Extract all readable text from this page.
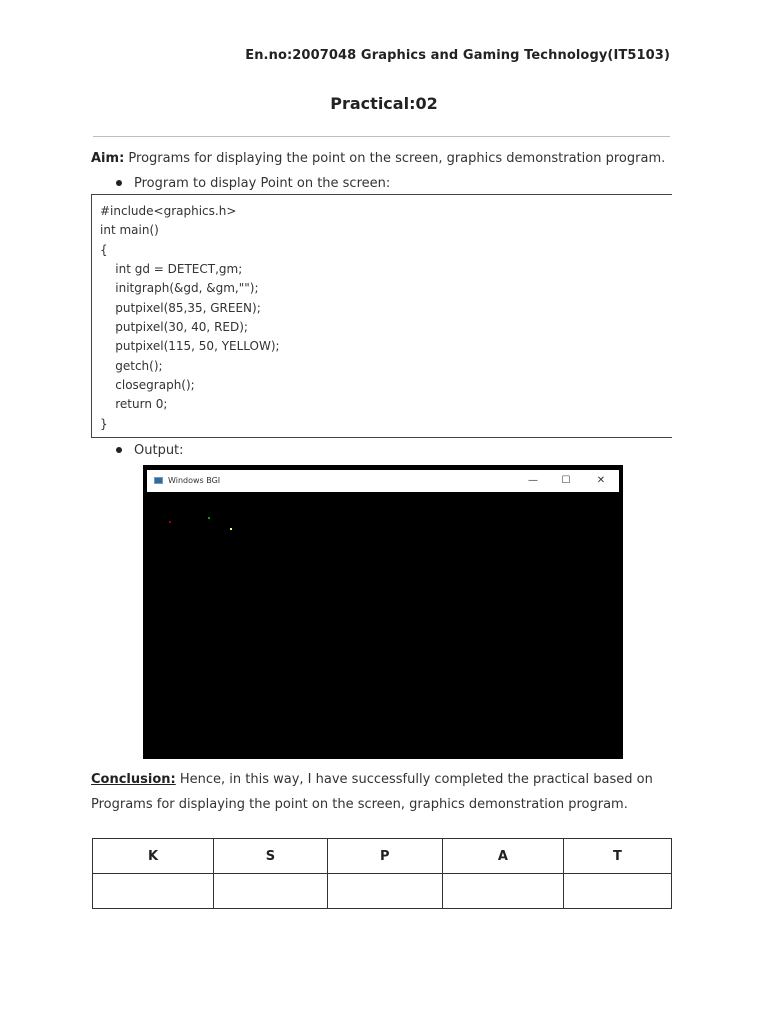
En.no:2007048 Graphics and Gaming Technology(IT5103)
Practical:02
Aim: Programs for displaying the point on the screen, graphics demonstration program.
Program to display Point on the screen:
#include<graphics.h>
int main()
{
int gd = DETECT,gm;
initgraph(&gd, &gm,"");
putpixel(85,35, GREEN);
putpixel(30, 40, RED);
putpixel(115, 50, YELLOW);
getch();
closegraph();
return 0;
}
Output:
Windows BGI	—	☐	✕
Conclusion: Hence, in this way, I have successfully completed the practical based on Programs for displaying the point on the screen, graphics demonstration program.
K	S	P	A	T
